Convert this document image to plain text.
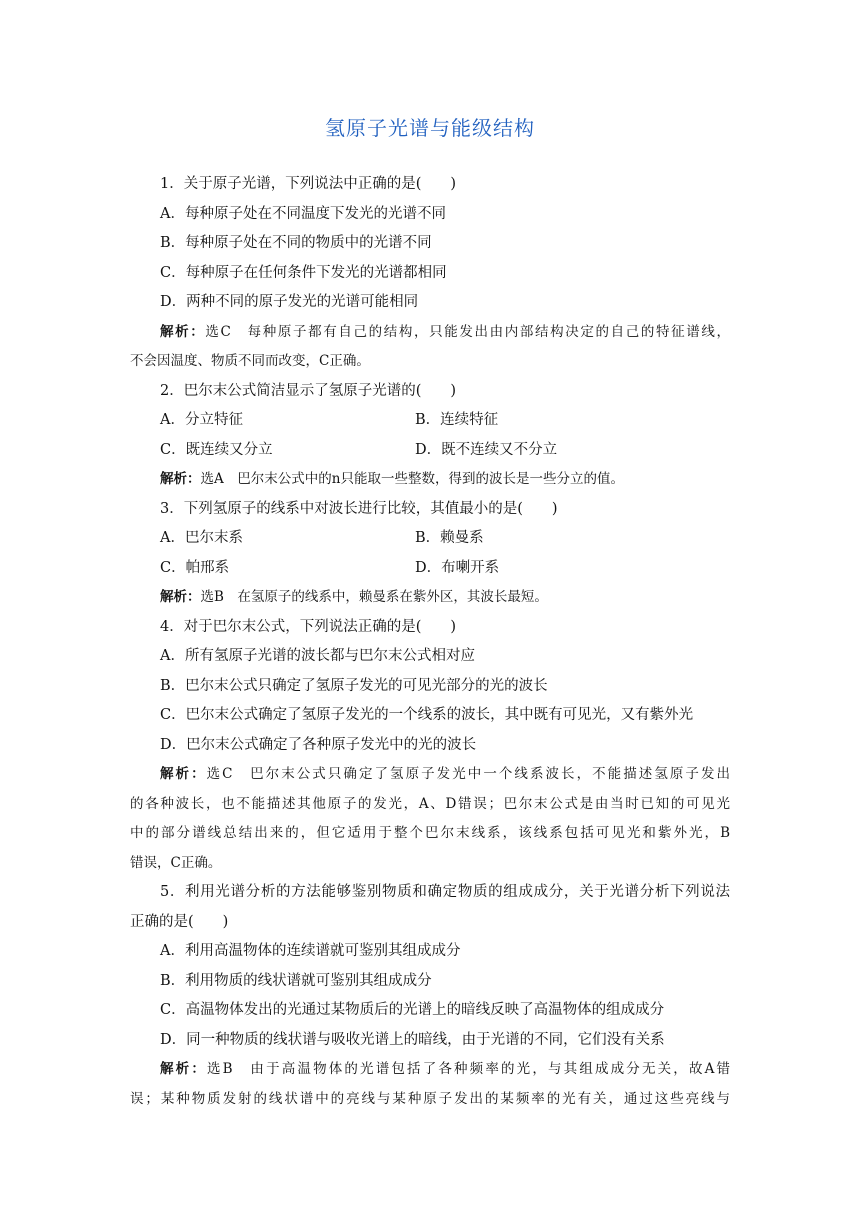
氢原子光谱与能级结构
1．关于原子光谱，下列说法中正确的是(　　)
A．每种原子处在不同温度下发光的光谱不同
B．每种原子处在不同的物质中的光谱不同
C．每种原子在任何条件下发光的光谱都相同
D．两种不同的原子发光的光谱可能相同
解析：选C　每种原子都有自己的结构，只能发出由内部结构决定的自己的特征谱线，
不会因温度、物质不同而改变，C正确。
2．巴尔末公式简洁显示了氢原子光谱的(　　)
A．分立特征	B．连续特征
C．既连续又分立	D．既不连续又不分立
解析：选A　巴尔末公式中的n只能取一些整数，得到的波长是一些分立的值。
3．下列氢原子的线系中对波长进行比较，其值最小的是(　　)
A．巴尔末系	B．赖曼系
C．帕邢系	D．布喇开系
解析：选B　在氢原子的线系中，赖曼系在紫外区，其波长最短。
4．对于巴尔末公式，下列说法正确的是(　　)
A．所有氢原子光谱的波长都与巴尔末公式相对应
B．巴尔末公式只确定了氢原子发光的可见光部分的光的波长
C．巴尔末公式确定了氢原子发光的一个线系的波长，其中既有可见光，又有紫外光
D．巴尔末公式确定了各种原子发光中的光的波长
解析：选C　巴尔末公式只确定了氢原子发光中一个线系波长，不能描述氢原子发出
的各种波长，也不能描述其他原子的发光，A、D错误；巴尔末公式是由当时已知的可见光
中的部分谱线总结出来的，但它适用于整个巴尔末线系，该线系包括可见光和紫外光，B
错误，C正确。
5．利用光谱分析的方法能够鉴别物质和确定物质的组成成分，关于光谱分析下列说法
正确的是(　　)
A．利用高温物体的连续谱就可鉴别其组成成分
B．利用物质的线状谱就可鉴别其组成成分
C．高温物体发出的光通过某物质后的光谱上的暗线反映了高温物体的组成成分
D．同一种物质的线状谱与吸收光谱上的暗线，由于光谱的不同，它们没有关系
解析：选B　由于高温物体的光谱包括了各种频率的光，与其组成成分无关，故A错
误；某种物质发射的线状谱中的亮线与某种原子发出的某频率的光有关，通过这些亮线与
